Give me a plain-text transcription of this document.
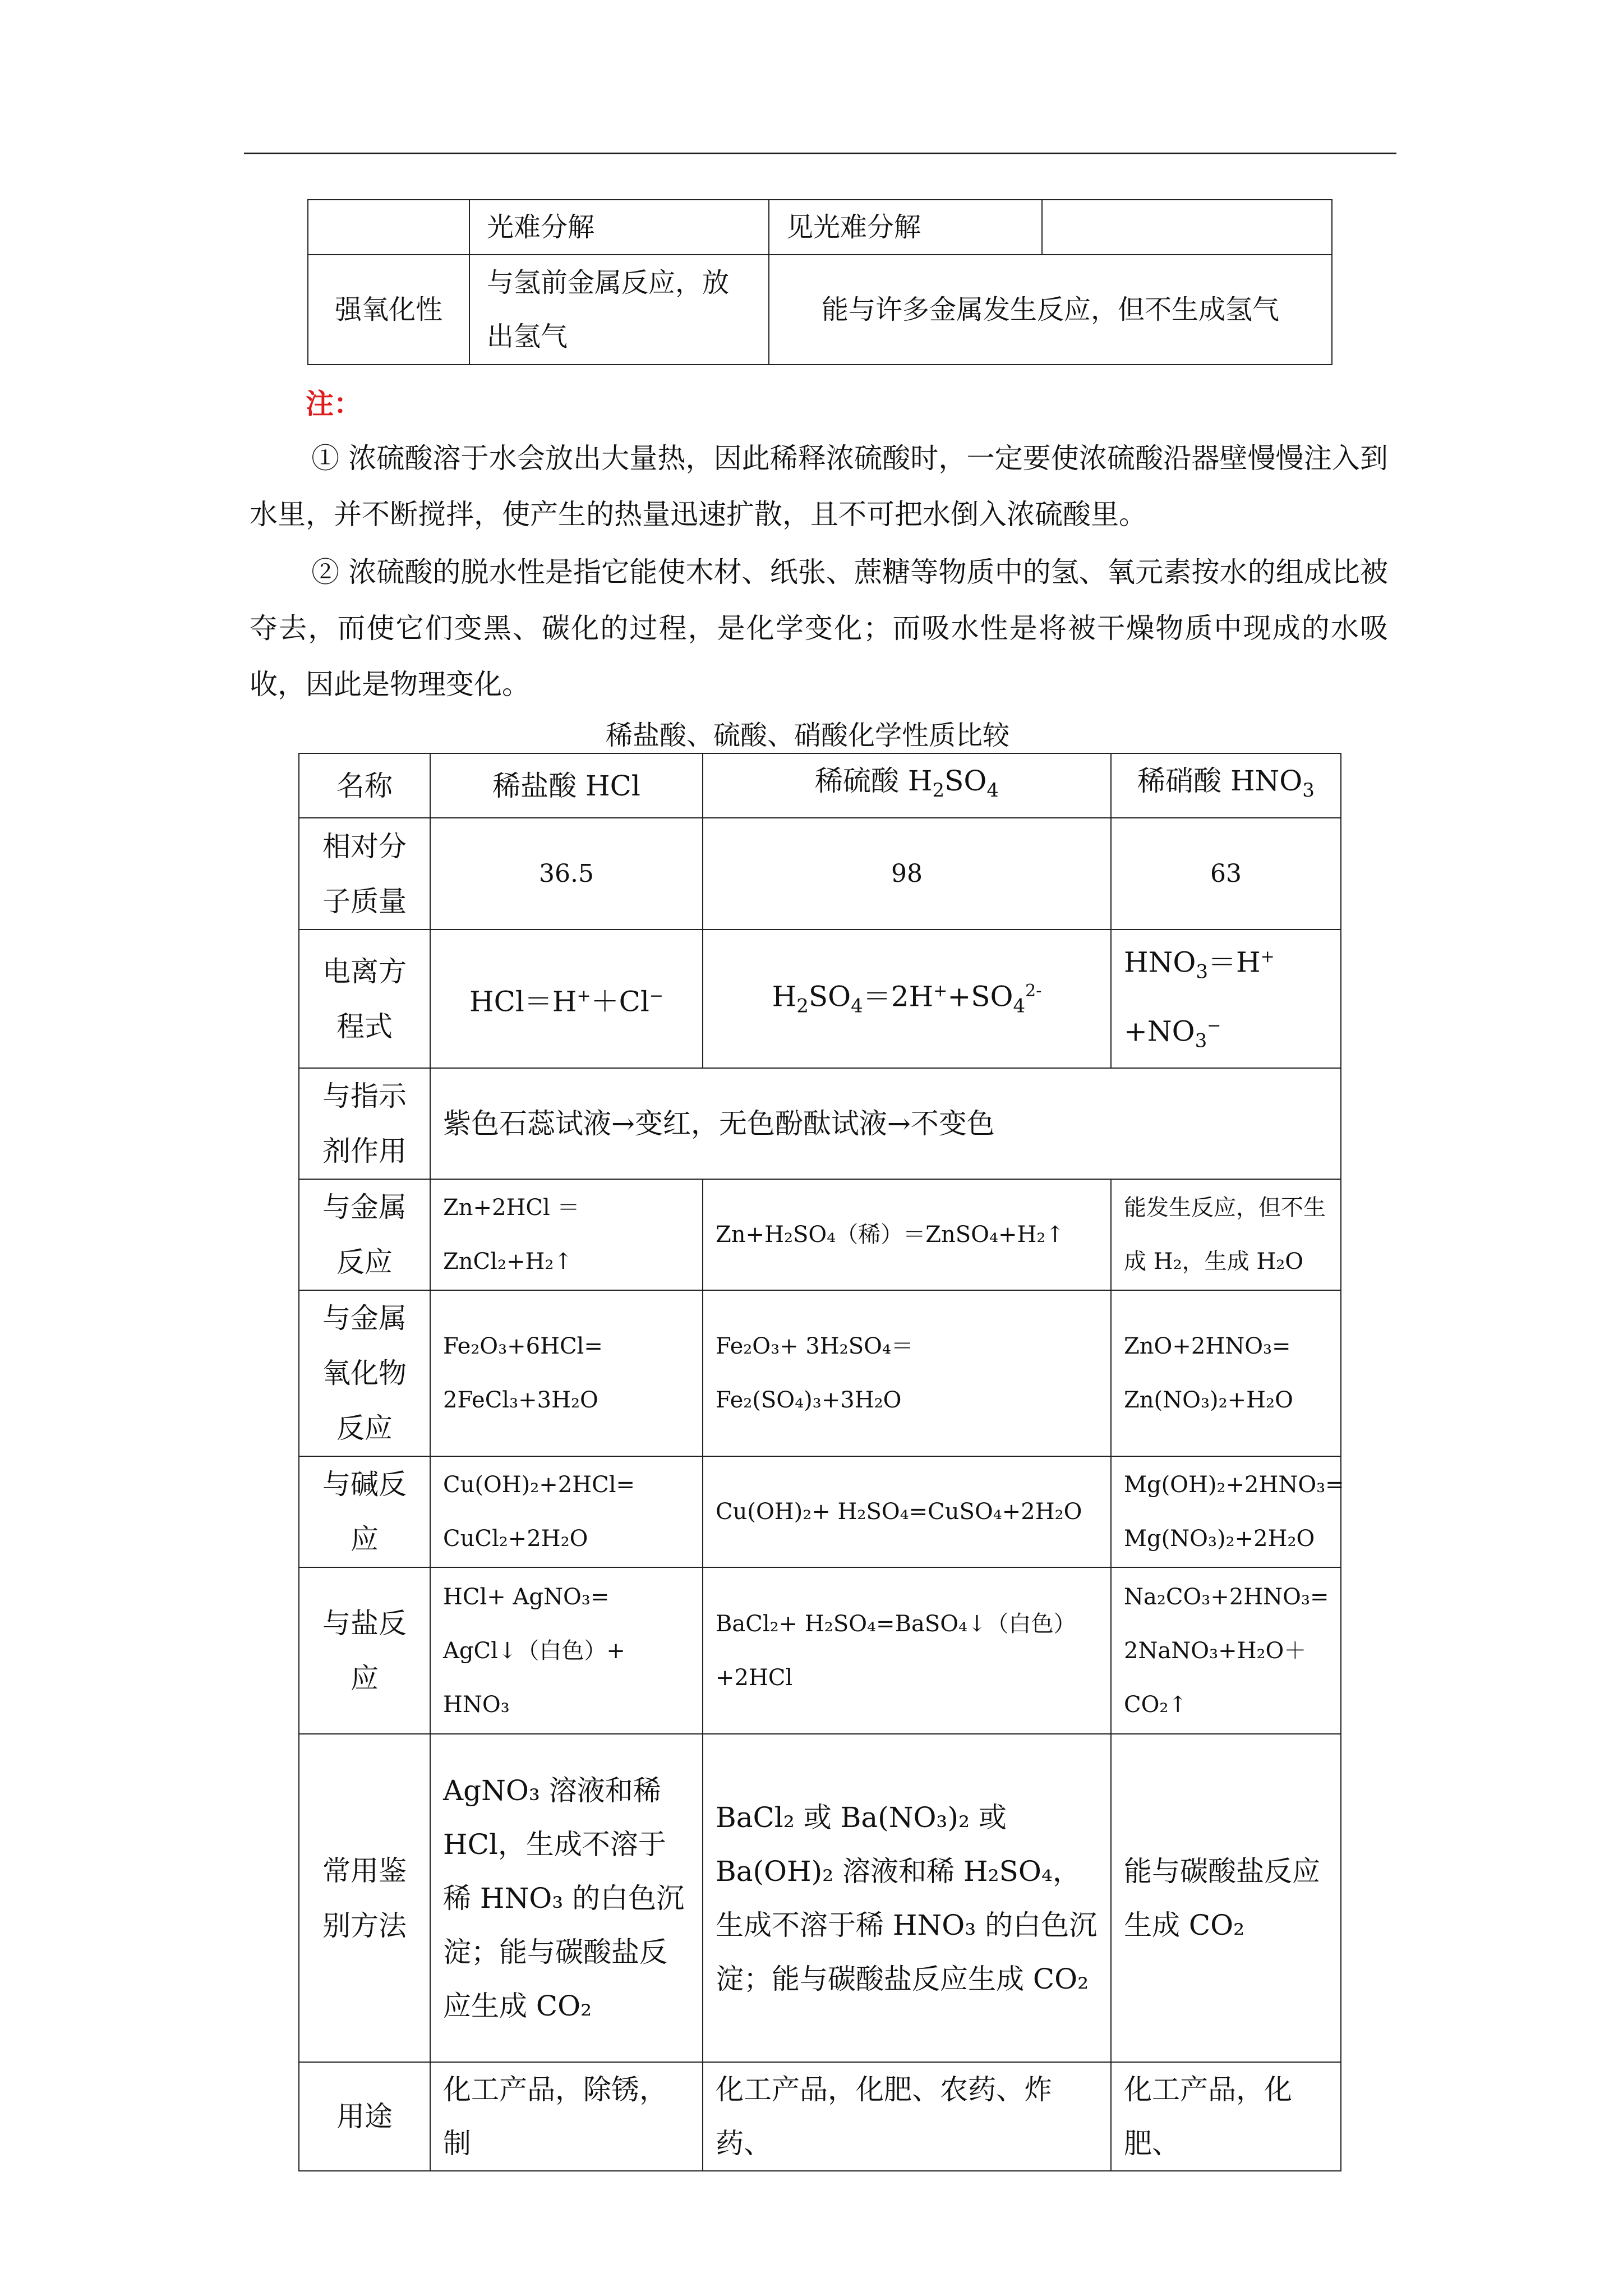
	光难分解	见光难分解	
强氧化性	与氢前金属反应，放出氢气	能与许多金属发生反应，但不生成氢气	
注：
① 浓硫酸溶于水会放出大量热，因此稀释浓硫酸时，一定要使浓硫酸沿器壁慢慢注入到水里，并不断搅拌，使产生的热量迅速扩散，且不可把水倒入浓硫酸里。
② 浓硫酸的脱水性是指它能使木材、纸张、蔗糖等物质中的氢、氧元素按水的组成比被夺去，而使它们变黑、碳化的过程，是化学变化；而吸水性是将被干燥物质中现成的水吸收，因此是物理变化。
稀盐酸、硫酸、硝酸化学性质比较
名称	稀盐酸 HCl	稀硫酸 $H_2SO_4$	稀硝酸 $HNO_3$
相对分子质量	36.5	98	63
电离方程式	HCl＝H+＋Cl−	$H_2SO_4=2H^++SO_4^{2-}$	$HNO_3=H^+$
$+NO_3^-$
与指示剂作用	紫色石蕊试液→变红，无色酚酞试液→不变色		
与金属反应	Zn+2HCl ＝ ZnCl₂+H₂↑	Zn+H₂SO₄（稀）＝ZnSO₄+H₂↑	能发生反应，但不生成 H₂，生成 H₂O
与金属氧化物反应	Fe₂O₃+6HCl= 2FeCl₃+3H₂O	Fe₂O₃+ 3H₂SO₄＝Fe₂(SO₄)₃+3H₂O	ZnO+2HNO₃= Zn(NO₃)₂+H₂O
与碱反应	Cu(OH)₂+2HCl= CuCl₂+2H₂O	Cu(OH)₂+ H₂SO₄=CuSO₄+2H₂O	Mg(OH)₂+2HNO₃= Mg(NO₃)₂+2H₂O
与盐反应	HCl+ AgNO₃= AgCl↓（白色）+ HNO₃	BaCl₂+ H₂SO₄=BaSO₄↓（白色）+2HCl	Na₂CO₃+2HNO₃= 2NaNO₃+H₂O＋CO₂↑
常用鉴别方法	AgNO₃ 溶液和稀 HCl，生成不溶于稀 HNO₃ 的白色沉淀；能与碳酸盐反应生成 CO₂	BaCl₂ 或 Ba(NO₃)₂ 或 Ba(OH)₂ 溶液和稀 H₂SO₄，生成不溶于稀 HNO₃ 的白色沉淀；能与碳酸盐反应生成 CO₂	能与碳酸盐反应生成 CO₂
用途	化工产品，除锈，制	化工产品，化肥、农药、炸药、	化工产品，化肥、
